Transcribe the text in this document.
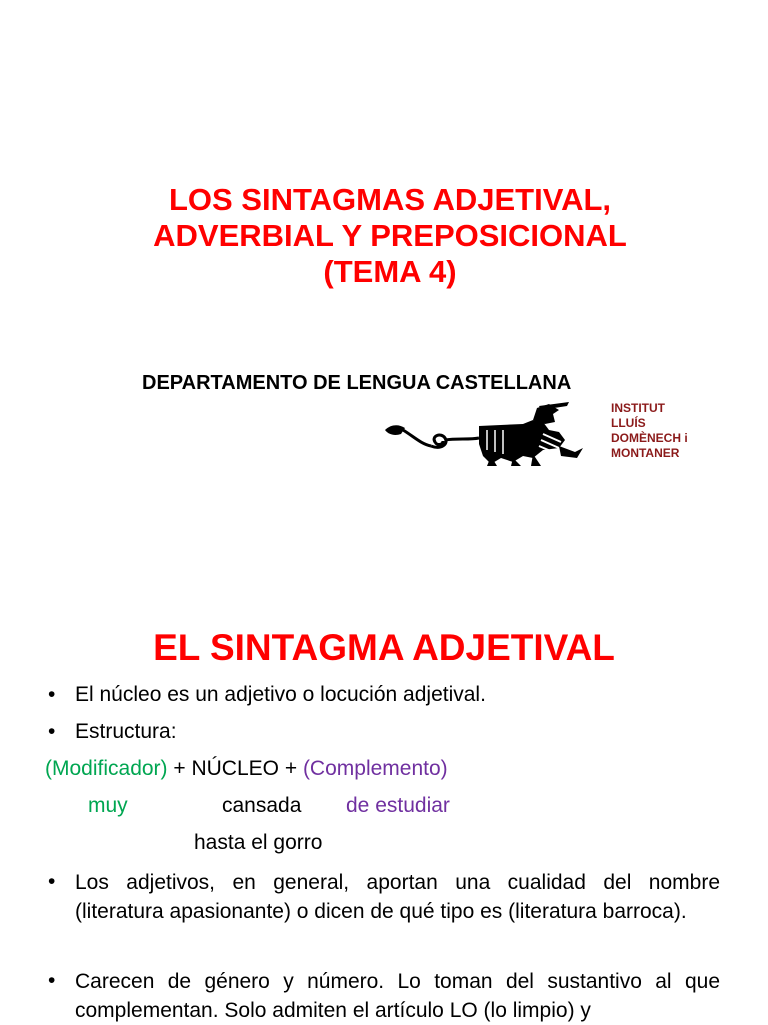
LOS SINTAGMAS ADJETIVAL,
ADVERBIAL Y PREPOSICIONAL
(TEMA 4)
DEPARTAMENTO DE LENGUA CASTELLANA
INSTITUT
LLUÍS
DOMÈNECH i
MONTANER
EL SINTAGMA ADJETIVAL
• El núcleo es un adjetivo o locución adjetival.
• Estructura:
(Modificador) + NÚCLEO + (Complemento)
muy	cansada de estudiar
hasta el gorro
• Los adjetivos, en general, aportan una cualidad del nombre (literatura apasionante) o dicen de qué tipo es (literatura barroca).
• Carecen de género y número. Lo toman del sustantivo al que complementan. Solo admiten el artículo LO (lo limpio) y
